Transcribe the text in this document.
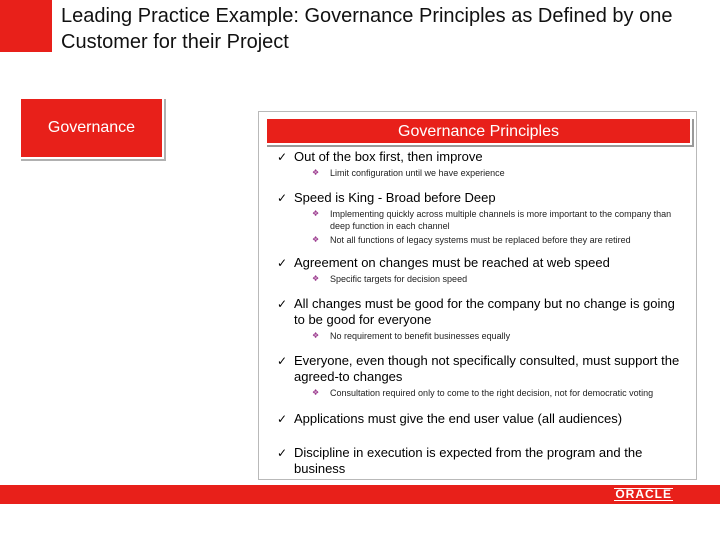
Leading Practice Example: Governance Principles as Defined by one Customer for their Project
Governance	Governance Principles
✓ Out of the box first, then improve
❖ Limit configuration until we have experience
✓ Speed is King - Broad before Deep
❖ Implementing quickly across multiple channels is more important to the company than deep function in each channel
❖ Not all functions of legacy systems must be replaced before they are retired
✓ Agreement on changes must be reached at web speed
❖ Specific targets for decision speed
✓ All changes must be good for the company but no change is going to be good for everyone
❖ No requirement to benefit businesses equally
✓ Everyone, even though not specifically consulted, must support the agreed-to changes
❖ Consultation required only to come to the right decision, not for democratic voting
✓ Applications must give the end user value (all audiences)
✓ Discipline in execution is expected from the program and the business
ORACLE
